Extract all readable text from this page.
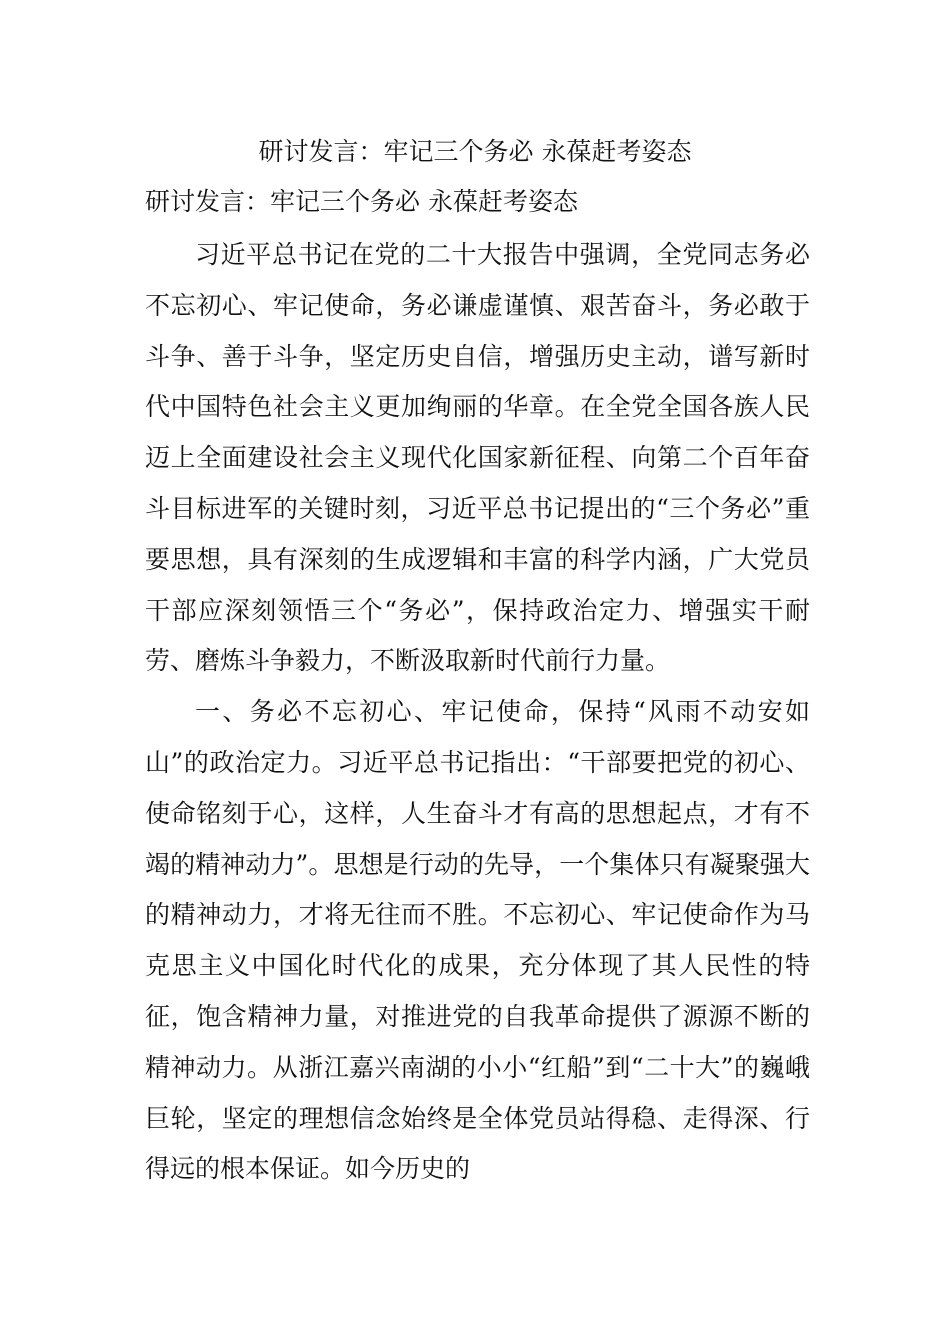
研讨发言：牢记三个务必 永葆赶考姿态
研讨发言：牢记三个务必 永葆赶考姿态

习近平总书记在党的二十大报告中强调，全党同志务必不忘初心、牢记使命，务必谦虚谨慎、艰苦奋斗，务必敢于斗争、善于斗争，坚定历史自信，增强历史主动，谱写新时代中国特色社会主义更加绚丽的华章。在全党全国各族人民迈上全面建设社会主义现代化国家新征程、向第二个百年奋斗目标进军的关键时刻，习近平总书记提出的“三个务必”重要思想，具有深刻的生成逻辑和丰富的科学内涵，广大党员干部应深刻领悟三个“务必”，保持政治定力、增强实干耐劳、磨炼斗争毅力，不断汲取新时代前行力量。

一、务必不忘初心、牢记使命，保持“风雨不动安如山”的政治定力。习近平总书记指出：“干部要把党的初心、使命铭刻于心，这样，人生奋斗才有高的思想起点，才有不竭的精神动力”。思想是行动的先导，一个集体只有凝聚强大的精神动力，才将无往而不胜。不忘初心、牢记使命作为马克思主义中国化时代化的成果，充分体现了其人民性的特征，饱含精神力量，对推进党的自我革命提供了源源不断的精神动力。从浙江嘉兴南湖的小小“红船”到“二十大”的巍峨巨轮，坚定的理想信念始终是全体党员站得稳、走得深、行得远的根本保证。如今历史的
